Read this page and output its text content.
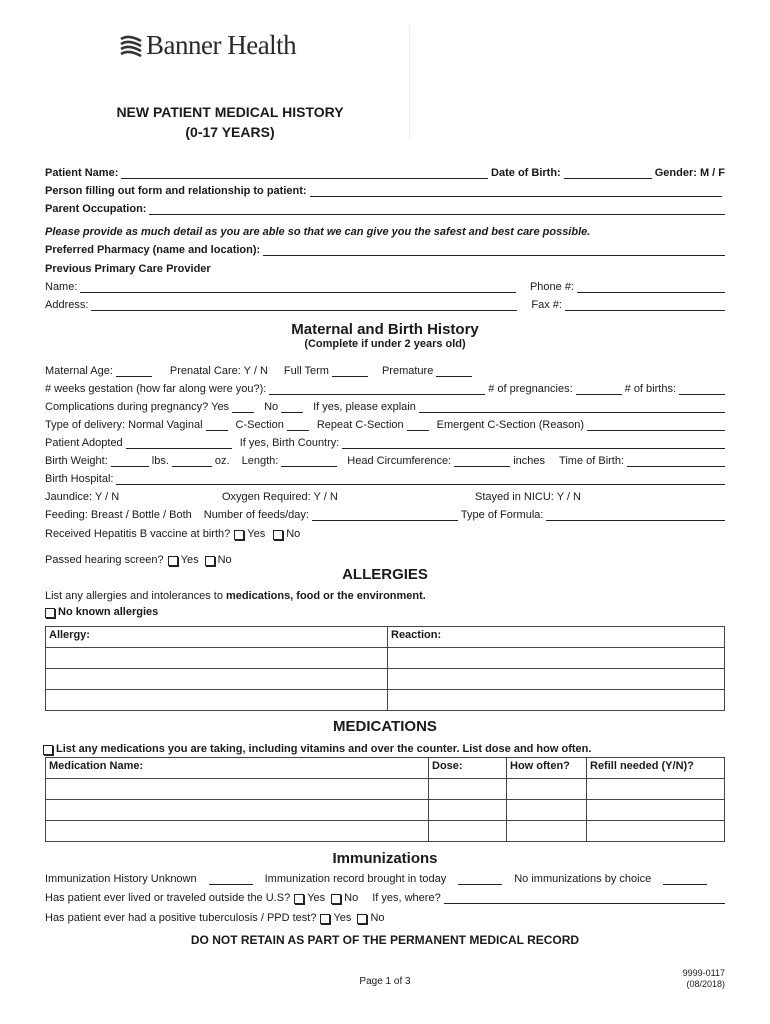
Banner Health
NEW PATIENT MEDICAL HISTORY
(0-17 YEARS)
Patient Name:	Date of Birth:	Gender: M / F
Person filling out form and relationship to patient:
Parent Occupation:
Please provide as much detail as you are able so that we can give you the safest and best care possible.
Preferred Pharmacy (name and location):
Previous Primary Care Provider
Name:	Phone #:
Address:	Fax #:
Maternal and Birth History
(Complete if under 2 years old)
Maternal Age:	Prenatal Care: Y / N Full Term	Premature
# weeks gestation (how far along were you?):	# of pregnancies:	# of births:
Complications during pregnancy? Yes	No	If yes, please explain
Type of delivery: Normal Vaginal	C-Section	Repeat C-Section	Emergent C-Section (Reason)
Patient Adopted	If yes, Birth Country:
Birth Weight:	lbs.	oz. Length:	Head Circumference:	inches Time of Birth:
Birth Hospital:
Jaundice: Y / N	Oxygen Required: Y / N	Stayed in NICU: Y / N
Feeding: Breast / Bottle / Both Number of feeds/day:	Type of Formula:
Received Hepatitis B vaccine at birth? Yes No
Passed hearing screen? Yes No
ALLERGIES
List any allergies and intolerances to medications, food or the environment.
No known allergies
Allergy:	Reaction:

MEDICATIONS
List any medications you are taking, including vitamins and over the counter. List dose and how often.
Medication Name:	Dose:	How often?	Refill needed (Y/N)?

Immunizations
Immunization History Unknown	Immunization record brought in today	No immunizations by choice
Has patient ever lived or traveled outside the U.S? Yes No If yes, where?
Has patient ever had a positive tuberculosis / PPD test? Yes No
DO NOT RETAIN AS PART OF THE PERMANENT MEDICAL RECORD
Page 1 of 3
9999-0117
(08/2018)
